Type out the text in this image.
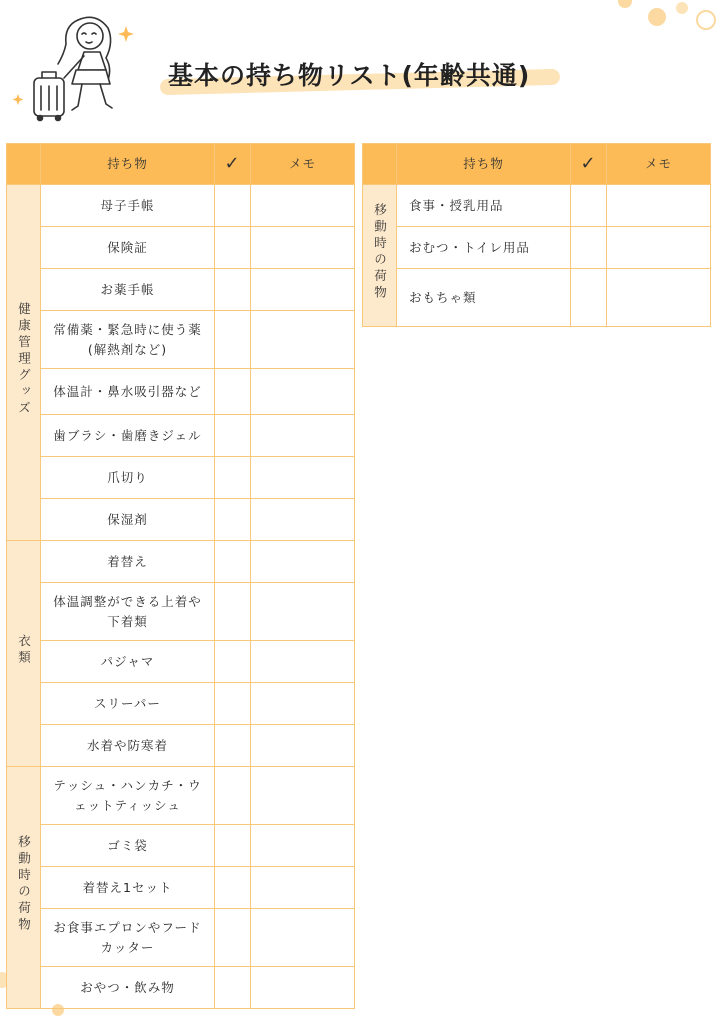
基本の持ち物リスト(年齢共通)
	持ち物	✓	メモ
健康管理グッズ	母子手帳		
	保険証		
	お薬手帳		
	常備薬・緊急時に使う薬
(解熱剤など)		
	体温計・鼻水吸引器など		
	歯ブラシ・歯磨きジェル		
	爪切り		
	保湿剤		
衣類	着替え		
	体温調整ができる上着や
下着類		
	パジャマ		
	スリーパー		
	水着や防寒着		
移動時の荷物	テッシュ・ハンカチ・ウ
ェットティッシュ		
	ゴミ袋		
	着替え1セット		
	お食事エプロンやフード
カッター		
	おやつ・飲み物		
	持ち物	✓	メモ
移動時の荷物	食事・授乳用品		
	おむつ・トイレ用品		
	おもちゃ類		
